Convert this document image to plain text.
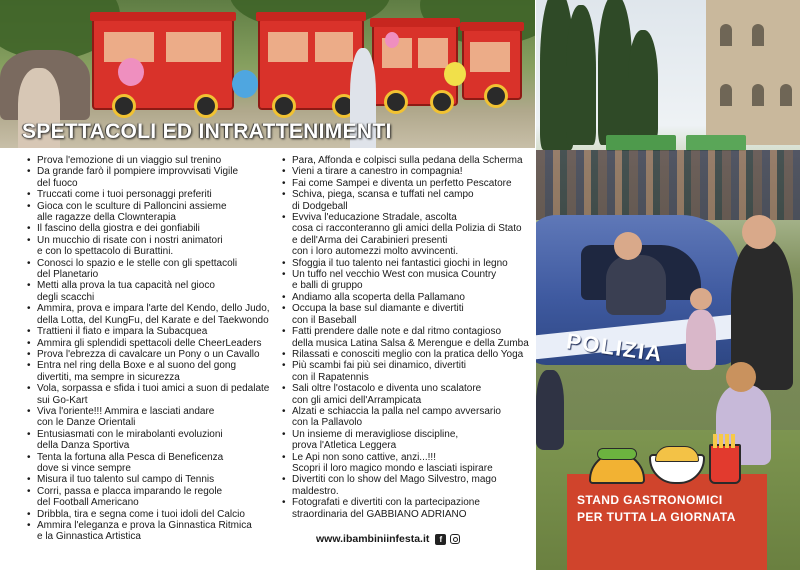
SPETTACOLI ED INTRATTENIMENTI
• Prova l'emozione di un viaggio sul trenino
• Da grande farò il pompiere improvvisati Vigile
del fuoco
• Truccati come i tuoi personaggi preferiti
• Gioca con le sculture di Palloncini assieme
alle ragazze della Clownterapia
• Il fascino della giostra e dei gonfiabili
• Un mucchio di risate con i nostri animatori
e con lo spettacolo di Burattini.
• Conosci lo spazio e le stelle con gli spettacoli
del Planetario
• Metti alla prova la tua capacità nel gioco
degli scacchi
• Ammira, prova e impara l'arte del Kendo, dello Judo,
della Lotta, del KungFu, del Karate e del Taekwondo
• Trattieni il fiato e impara la Subacquea
• Ammira gli splendidi spettacoli delle CheerLeaders
• Prova l'ebrezza di cavalcare un Pony o un Cavallo
• Entra nel ring della Boxe e al suono del gong
divertiti, ma sempre in sicurezza
• Vola, sorpassa e sfida i tuoi amici a suon di pedalate
sui Go-Kart
• Viva l'oriente!!! Ammira e lasciati andare
con le Danze Orientali
• Entusiasmati con le mirabolanti evoluzioni
della Danza Sportiva
• Tenta la fortuna alla Pesca di Beneficenza
dove si vince sempre
• Misura il tuo talento sul campo di Tennis
• Corri, passa e placca imparando le regole
del Football Americano
• Dribbla, tira e segna come i tuoi idoli del Calcio
• Ammira l'eleganza e prova la Ginnastica Ritmica
e la Ginnastica Artistica
• Para, Affonda e colpisci sulla pedana della Scherma
• Vieni a tirare a canestro in compagnia!
• Fai come Sampei e diventa un perfetto Pescatore
• Schiva, piega, scansa e tuffati nel campo
di Dodgeball
• Evviva l'educazione Stradale, ascolta
cosa ci racconteranno gli amici della Polizia di Stato
e dell'Arma dei Carabinieri presenti
con i loro automezzi molto avvincenti.
• Sfoggia il tuo talento nei fantastici giochi in legno
• Un tuffo nel vecchio West con musica Country
e balli di gruppo
• Andiamo alla scoperta della Pallamano
• Occupa la base sul diamante e divertiti
con il Baseball
• Fatti prendere dalle note e dal ritmo contagioso
della musica Latina Salsa & Merengue e della Zumba
• Rilassati e conosciti meglio con la pratica dello Yoga
• Più scambi fai più sei dinamico, divertiti
con il Rapatennis
• Sali oltre l'ostacolo e diventa uno scalatore
con gli amici dell'Arrampicata
• Alzati e schiaccia la palla nel campo avversario
con la Pallavolo
• Un insieme di meravigliose discipline,
prova l'Atletica Leggera
• Le Api non sono cattive, anzi...!!!
Scopri il loro magico mondo e lasciati ispirare
• Divertiti con lo show del Mago Silvestro, mago
maldestro.
• Fotografati e divertiti con la partecipazione
straordinaria del GABBIANO ADRIANO
www.ibambiniinfesta.it	f
POLIZIA
STAND GASTRONOMICI
PER TUTTA LA GIORNATA
